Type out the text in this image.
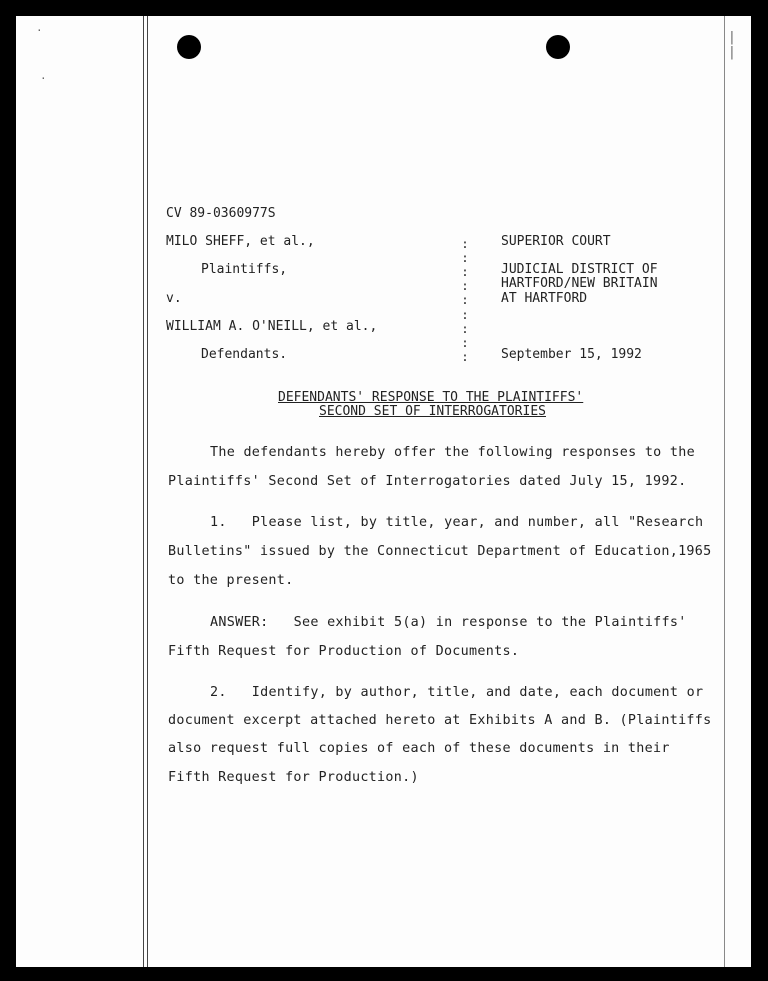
| |
·
·
CV 89-0360977S
MILO SHEFF, et al.,
Plaintiffs,
v.
WILLIAM A. O'NEILL, et al.,
Defendants.
:
:
:
:
:
:
:
:
:
SUPERIOR COURT
JUDICIAL DISTRICT OF
HARTFORD/NEW BRITAIN
AT HARTFORD
September 15, 1992
DEFENDANTS' RESPONSE TO THE PLAINTIFFS'
SECOND SET OF INTERROGATORIES
The defendants hereby offer the following responses to the
Plaintiffs' Second Set of Interrogatories dated July 15, 1992.
1.   Please list, by title, year, and number, all "Research
Bulletins" issued by the Connecticut Department of Education,1965
to the present.
ANSWER:   See exhibit 5(a) in response to the Plaintiffs'
Fifth Request for Production of Documents.
2.   Identify, by author, title, and date, each document or
document excerpt attached hereto at Exhibits A and B. (Plaintiffs
also request full copies of each of these documents in their
Fifth Request for Production.)
